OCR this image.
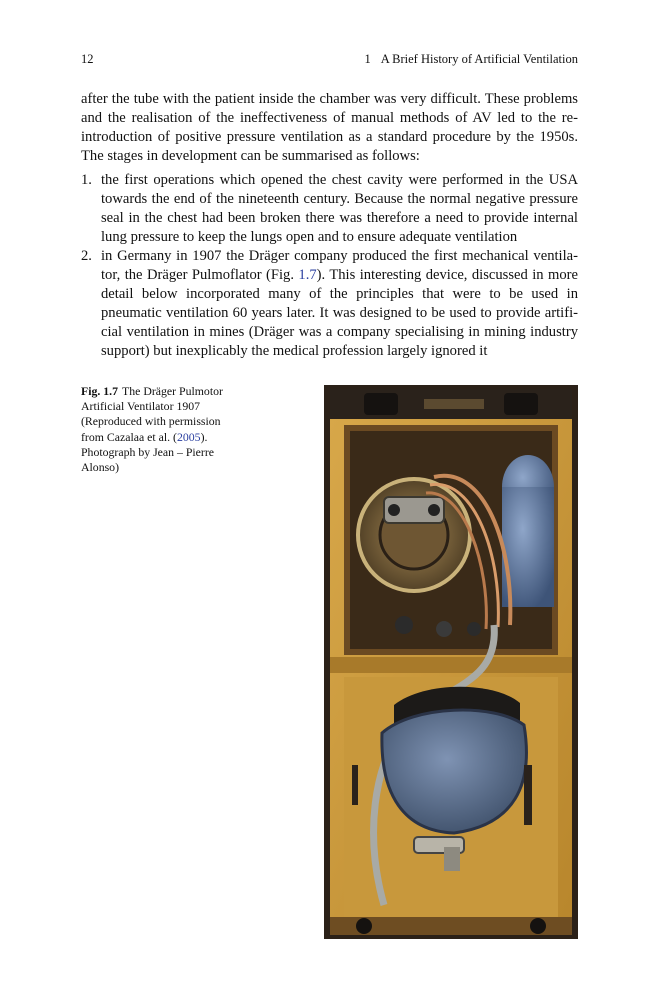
12	1 A Brief History of Artificial Ventilation

after the tube with the patient inside the chamber was very difficult. These problems and the realisation of the ineffectiveness of manual methods of AV led to the re-introduction of positive pressure ventilation as a standard procedure by the 1950s. The stages in development can be summarised as follows:

1. the first operations which opened the chest cavity were performed in the USA towards the end of the nineteenth century. Because the normal negative pressure seal in the chest had been broken there was therefore a need to provide internal lung pressure to keep the lungs open and to ensure adequate ventilation
2. in Germany in 1907 the Dräger company produced the first mechanical ventila-tor, the Dräger Pulmoflator (Fig. 1.7). This interesting device, discussed in more detail below incorporated many of the principles that were to be used in pneumatic ventilation 60 years later. It was designed to be used to provide artifi-cial ventilation in mines (Dräger was a company specialising in mining industry support) but inexplicably the medical profession largely ignored it

Fig. 1.7 The Dräger Pulmotor Artificial Ventilator 1907 (Reproduced with permission from Cazalaa et al. (2005). Photograph by Jean – Pierre Alonso)
